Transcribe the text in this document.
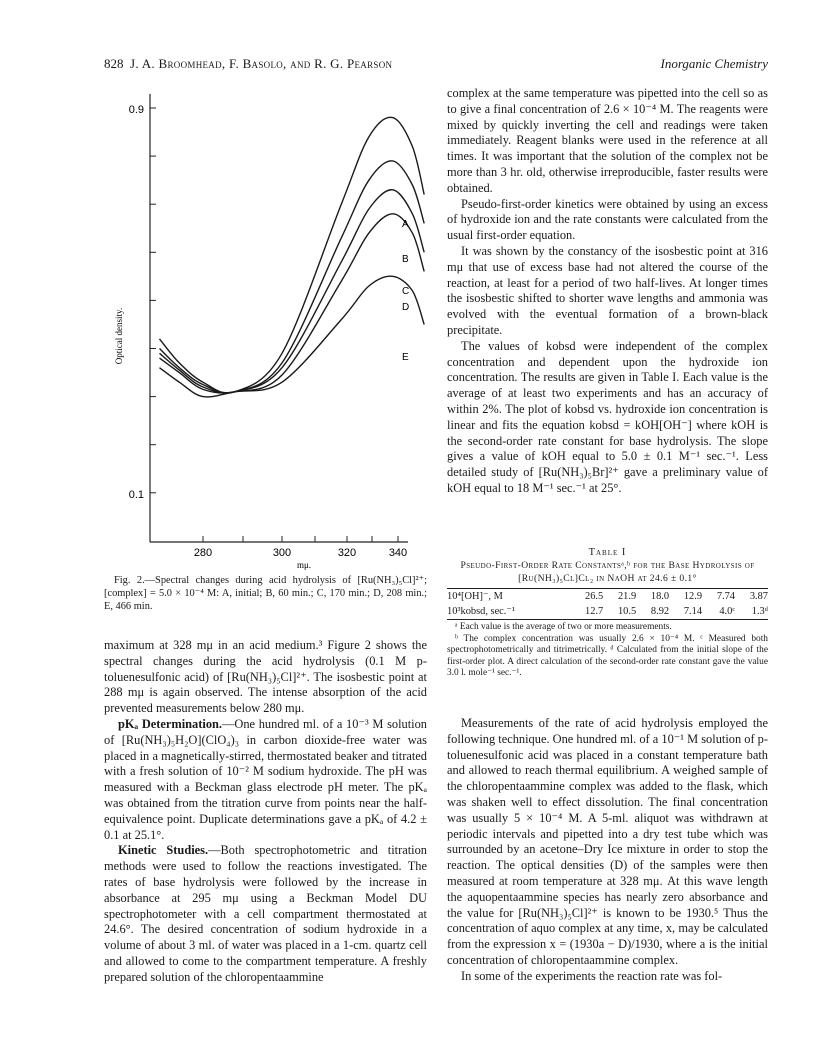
828 J. A. Broomhead, F. Basolo, and R. G. Pearson	Inorganic Chemistry
0.9
0.1
280	300	320	340
mμ.
Optical density.
A
B
C
D
E

Fig. 2.—Spectral changes during acid hydrolysis of [Ru(NH₃)₅Cl]²⁺; [complex] = 5.0 × 10⁻⁴ M: A, initial; B, 60 min.; C, 170 min.; D, 208 min.; E, 466 min.

maximum at 328 mμ in an acid medium.³ Figure 2 shows the spectral changes during the acid hydrolysis (0.1 M p-toluenesulfonic acid) of [Ru(NH₃)₅Cl]²⁺. The isosbestic point at 288 mμ is again observed. The intense absorption of the acid prevented measurements below 280 mμ.

pKₐ Determination.—One hundred ml. of a 10⁻³ M solution of [Ru(NH₃)₅H₂O](ClO₄)₃ in carbon dioxide-free water was placed in a magnetically-stirred, thermostated beaker and titrated with a fresh solution of 10⁻² M sodium hydroxide. The pH was measured with a Beckman glass electrode pH meter. The pKₐ was obtained from the titration curve from points near the half-equivalence point. Duplicate determinations gave a pKₐ of 4.2 ± 0.1 at 25.1°.

Kinetic Studies.—Both spectrophotometric and titration methods were used to follow the reactions investigated. The rates of base hydrolysis were followed by the increase in absorbance at 295 mμ using a Beckman Model DU spectrophotometer with a cell compartment thermostated at 24.6°. The desired concentration of sodium hydroxide in a volume of about 3 ml. of water was placed in a 1-cm. quartz cell and allowed to come to the compartment temperature. A freshly prepared solution of the chloropentaammine

complex at the same temperature was pipetted into the cell so as to give a final concentration of 2.6 × 10⁻⁴ M. The reagents were mixed by quickly inverting the cell and readings were taken immediately. Reagent blanks were used in the reference at all times. It was important that the solution of the complex not be more than 3 hr. old, otherwise irreproducible, faster results were obtained.

Pseudo-first-order kinetics were obtained by using an excess of hydroxide ion and the rate constants were calculated from the usual first-order equation.

It was shown by the constancy of the isosbestic point at 316 mμ that use of excess base had not altered the course of the reaction, at least for a period of two half-lives. At longer times the isosbestic shifted to shorter wave lengths and ammonia was evolved with the eventual formation of a brown-black precipitate.

The values of kobsd were independent of the complex concentration and dependent upon the hydroxide ion concentration. The results are given in Table I. Each value is the average of at least two experiments and has an accuracy of within 2%. The plot of kobsd vs. hydroxide ion concentration is linear and fits the equation kobsd = kOH[OH⁻] where kOH is the second-order rate constant for base hydrolysis. The slope gives a value of kOH equal to 5.0 ± 0.1 M⁻¹ sec.⁻¹. Less detailed study of [Ru(NH₃)₅Br]²⁺ gave a preliminary value of kOH equal to 18 M⁻¹ sec.⁻¹ at 25°.

Table I
Pseudo-First-Order Rate Constantsᵃ,ᵇ for the Base Hydrolysis of [Ru(NH₃)₅Cl]Cl₂ in NaOH at 24.6 ± 0.1°
10⁴[OH]⁻, M	26.5	21.9	18.0	12.9	7.74	3.87
10³kobsd, sec.⁻¹	12.7	10.5	8.92	7.14	4.0ᶜ	1.3ᵈ

ᵃ Each value is the average of two or more measurements.

ᵇ The complex concentration was usually 2.6 × 10⁻⁴ M. ᶜ Measured both spectrophotometrically and titrimetrically. ᵈ Calculated from the initial slope of the first-order plot. A direct calculation of the second-order rate constant gave the value 3.0 l. mole⁻¹ sec.⁻¹.

Measurements of the rate of acid hydrolysis employed the following technique. One hundred ml. of a 10⁻¹ M solution of p-toluenesulfonic acid was placed in a constant temperature bath and allowed to reach thermal equilibrium. A weighed sample of the chloropentaammine complex was added to the flask, which was shaken well to effect dissolution. The final concentration was usually 5 × 10⁻⁴ M. A 5-ml. aliquot was withdrawn at periodic intervals and pipetted into a dry test tube which was surrounded by an acetone–Dry Ice mixture in order to stop the reaction. The optical densities (D) of the samples were then measured at room temperature at 328 mμ. At this wave length the aquopentaammine species has nearly zero absorbance and the value for [Ru(NH₃)₅Cl]²⁺ is known to be 1930.⁵ Thus the concentration of aquo complex at any time, x, may be calculated from the expression x = (1930a − D)/1930, where a is the initial concentration of chloropentaammine complex.

In some of the experiments the reaction rate was fol-
